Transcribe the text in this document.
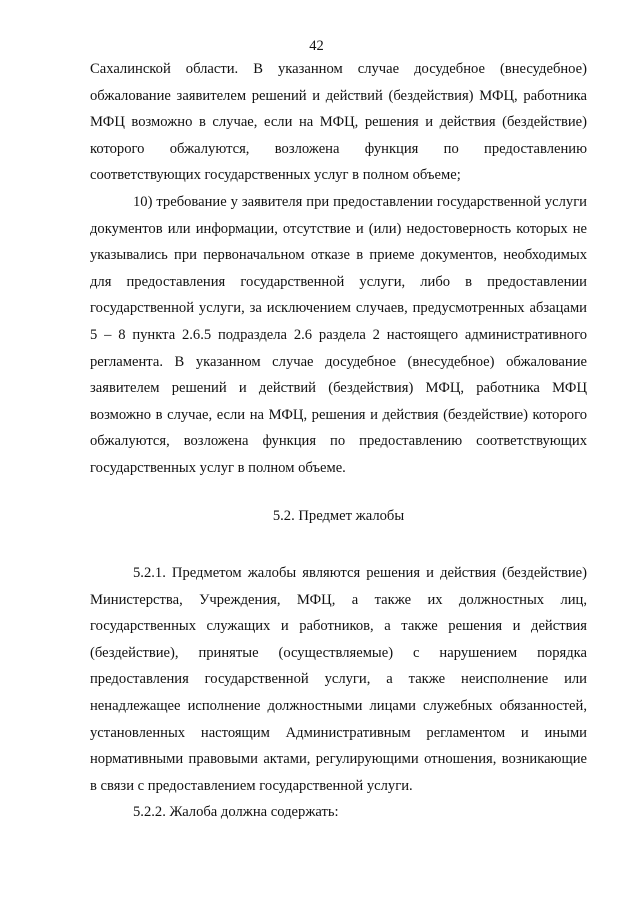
42

Сахалинской области. В указанном случае досудебное (внесудебное) обжалование заявителем решений и действий (бездействия) МФЦ, работника МФЦ возможно в случае, если на МФЦ, решения и действия (бездействие) которого обжалуются, возложена функция по предоставлению соответствующих государственных услуг в полном объеме;

10) требование у заявителя при предоставлении государственной услуги документов или информации, отсутствие и (или) недостоверность которых не указывались при первоначальном отказе в приеме документов, необходимых для предоставления государственной услуги, либо в предоставлении государственной услуги, за исключением случаев, предусмотренных абзацами 5 – 8 пункта 2.6.5 подраздела 2.6 раздела 2 настоящего административного регламента. В указанном случае досудебное (внесудебное) обжалование заявителем решений и действий (бездействия) МФЦ, работника МФЦ возможно в случае, если на МФЦ, решения и действия (бездействие) которого обжалуются, возложена функция по предоставлению соответствующих государственных услуг в полном объеме.

5.2. Предмет жалобы

5.2.1. Предметом жалобы являются решения и действия (бездействие) Министерства, Учреждения, МФЦ, а также их должностных лиц, государственных служащих и работников, а также решения и действия (бездействие), принятые (осуществляемые) с нарушением порядка предоставления государственной услуги, а также неисполнение или ненадлежащее исполнение должностными лицами служебных обязанностей, установленных настоящим Административным регламентом и иными нормативными правовыми актами, регулирующими отношения, возникающие в связи с предоставлением государственной услуги.

5.2.2. Жалоба должна содержать:
